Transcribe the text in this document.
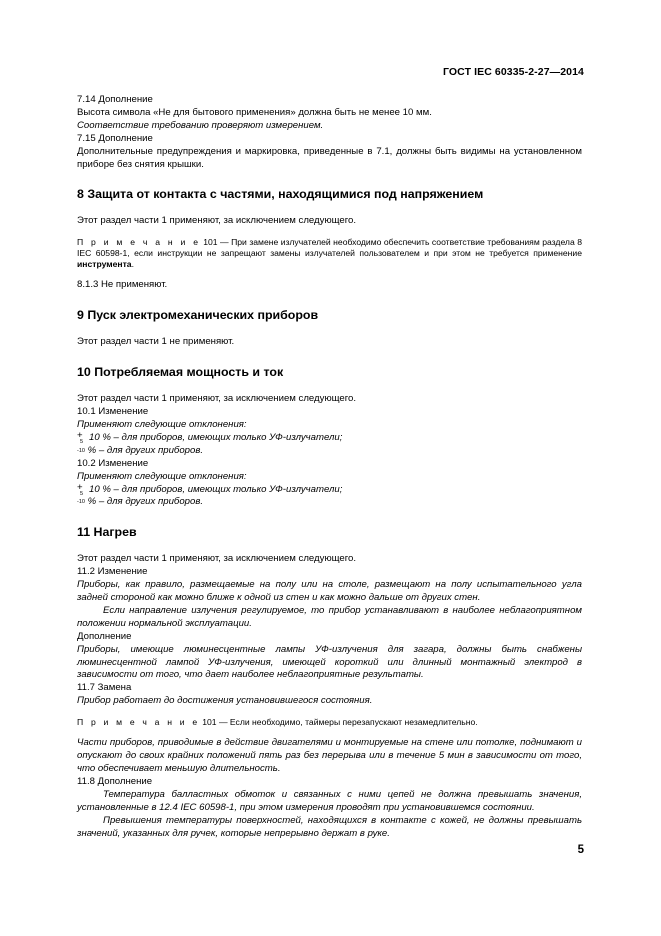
ГОСТ IEC 60335-2-27—2014

7.14 Дополнение

Высота символа «Не для бытового применения» должна быть не менее 10 мм.

Соответствие требованию проверяют измерением.

7.15 Дополнение

Дополнительные предупреждения и маркировка, приведенные в 7.1, должны быть видимы на установленном приборе без снятия крышки.

8 Защита от контакта с частями, находящимися под напряжением

Этот раздел части 1 применяют, за исключением следующего.

П р и м е ч а н и е 101 — При замене излучателей необходимо обеспечить соответствие требованиям раздела 8 IEC 60598-1, если инструкции не запрещают замены излучателей пользователем и при этом не требуется применение инструмента.

8.1.3 Не применяют.

9 Пуск электромеханических приборов

Этот раздел части 1 не применяют.

10 Потребляемая мощность и ток

Этот раздел части 1 применяют, за исключением следующего.

10.1 Изменение

Применяют следующие отклонения:

+
5 10 % – для приборов, имеющих только УФ-излучатели;

$^{-10}$ % – для других приборов.

10.2 Изменение

Применяют следующие отклонения:

+
5 10 % – для приборов, имеющих только УФ-излучатели;

$^{-10}$ % – для других приборов.

11 Нагрев

Этот раздел части 1 применяют, за исключением следующего.

11.2 Изменение

Приборы, как правило, размещаемые на полу или на столе, размещают на полу испытательного угла задней стороной как можно ближе к одной из стен и как можно дальше от других стен.

Если направление излучения регулируемое, то прибор устанавливают в наиболее неблагоприятном положении нормальной эксплуатации.

Дополнение

Приборы, имеющие люминесцентные лампы УФ-излучения для загара, должны быть снабжены люминесцентной лампой УФ-излучения, имеющей короткий или длинный монтажный электрод в зависимости от того, что дает наиболее неблагоприятные результаты.

11.7 Замена

Прибор работает до достижения установившегося состояния.

П р и м е ч а н и е 101 — Если необходимо, таймеры перезапускают незамедлительно.

Части приборов, приводимые в действие двигателями и монтируемые на стене или потолке, поднимают и опускают до своих крайних положений пять раз без перерыва или в течение 5 мин в зависимости от того, что обеспечивает меньшую длительность.

11.8 Дополнение

Температура балластных обмоток и связанных с ними цепей не должна превышать значения, установленные в 12.4 IEC 60598-1, при этом измерения проводят при установившемся состоянии.

Превышения температуры поверхностей, находящихся в контакте с кожей, не должны превышать значений, указанных для ручек, которые непрерывно держат в руке.

5
